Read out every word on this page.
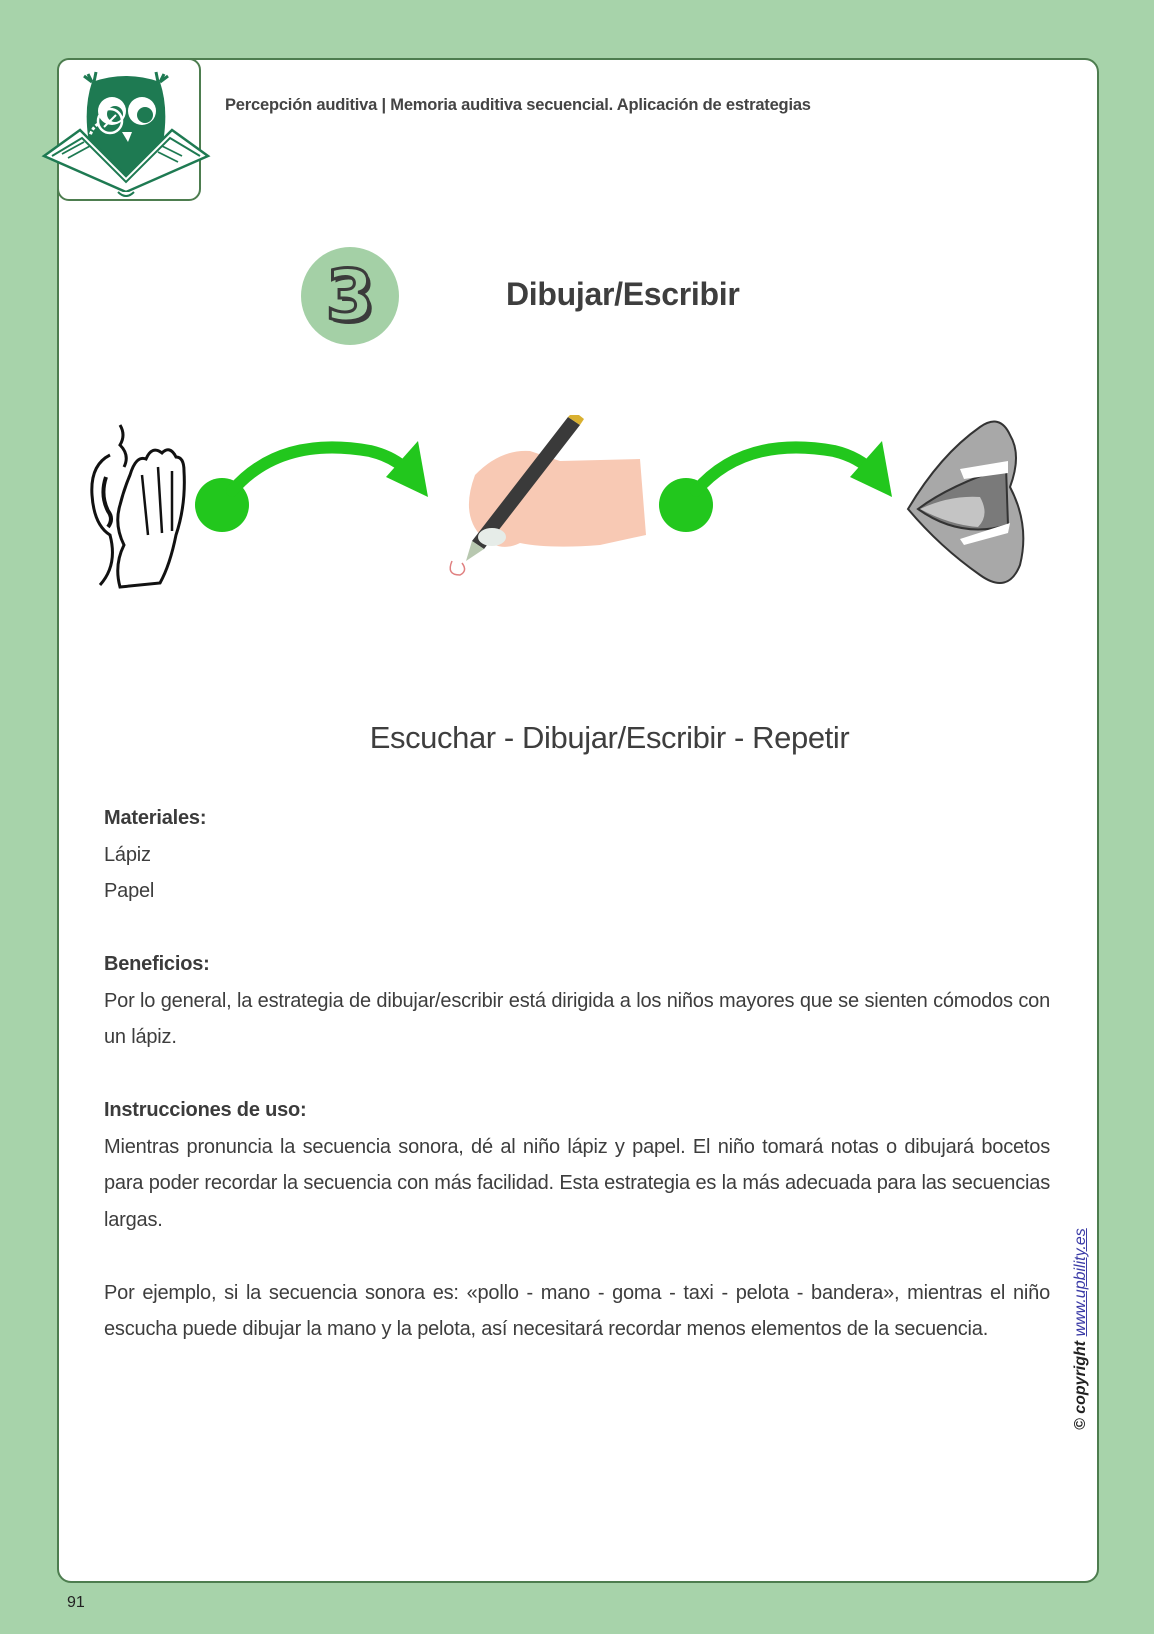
Percepción auditiva | Memoria auditiva secuencial. Aplicación de estrategias
3	Dibujar/Escribir
Escuchar - Dibujar/Escribir - Repetir
Materiales:
Lápiz
Papel
Beneficios:
Por lo general, la estrategia de dibujar/escribir está dirigida a los niños mayores que se sienten cómodos con un lápiz.
Instrucciones de uso:
Mientras pronuncia la secuencia sonora, dé al niño lápiz y papel. El niño tomará notas o dibujará bocetos para poder recordar la secuencia con más facilidad. Esta estrategia es la más adecuada para las secuencias largas.
Por ejemplo, si la secuencia sonora es: «pollo - mano - goma - taxi - pelota - bandera», mientras el niño escucha puede dibujar la mano y la pelota, así necesitará recordar menos elementos de la secuencia.
© copyright www.upbility.es
91
